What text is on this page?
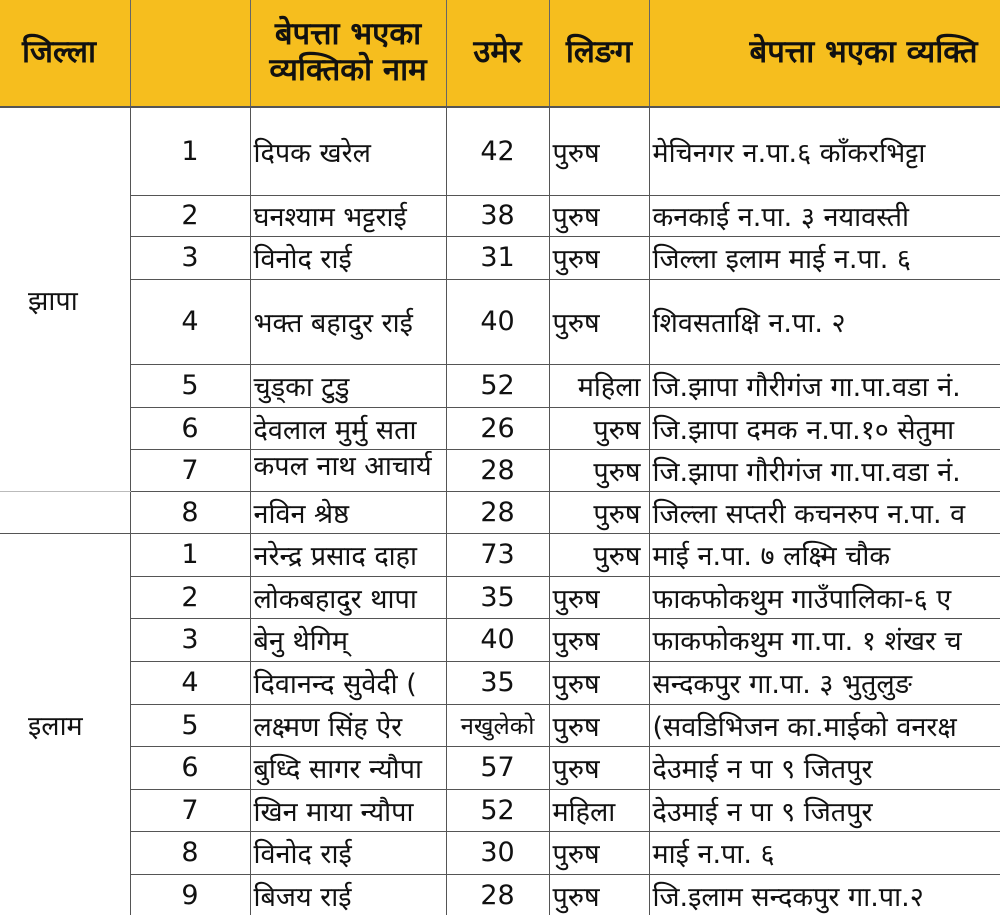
जिल्ला		बेपत्ता भएका व्यक्तिको नाम	उमेर	लिङग	बेपत्ता भएका व्यक्ति
झापा	1	दिपक खरेल	42	पुरुष	मेचिनगर न.पा.६ काँकरभिट्टा
	2	घनश्याम भट्टराई	38	पुरुष	कनकाई न.पा. ३ नयावस्ती
	3	विनोद राई	31	पुरुष	जिल्ला इलाम माई न.पा. ६
	4	भक्त बहादुर राई	40	पुरुष	शिवसताक्षि न.पा. २
	5	चुड्का टुडु	52	महिला	जि.झापा गौरीगंज गा.पा.वडा नं.
	6	देवलाल मुर्मु सता	26	पुरुष	जि.झापा दमक न.पा.१० सेतुमा
	7	कपल नाथ आचार्य	28	पुरुष	जि.झापा गौरीगंज गा.पा.वडा नं.
	8	नविन श्रेष्ठ	28	पुरुष	जिल्ला सप्तरी कचनरुप न.पा. व
इलाम	1	नरेन्द्र प्रसाद दाहा	73	पुरुष	माई न.पा. ७ लक्ष्मि चौक
	2	लोकबहादुर थापा	35	पुरुष	फाकफोकथुम गाउँपालिका-६ ए
	3	बेनु थेगिम्	40	पुरुष	फाकफोकथुम गा.पा. १ शंखर च
	4	दिवानन्द सुवेदी (	35	पुरुष	सन्दकपुर गा.पा. ३ भुतुलुङ
	5	लक्ष्मण सिंह ऐर	नखुलेको	पुरुष	(सवडिभिजन का.माईको वनरक्ष
	6	बुध्दि सागर न्यौपा	57	पुरुष	देउमाई न पा ९ जितपुर
	7	खिन माया न्यौपा	52	महिला	देउमाई न पा ९ जितपुर
	8	विनोद राई	30	पुरुष	माई न.पा. ६
	9	बिजय राई	28	पुरुष	जि.इलाम सन्दकपुर गा.पा.२
